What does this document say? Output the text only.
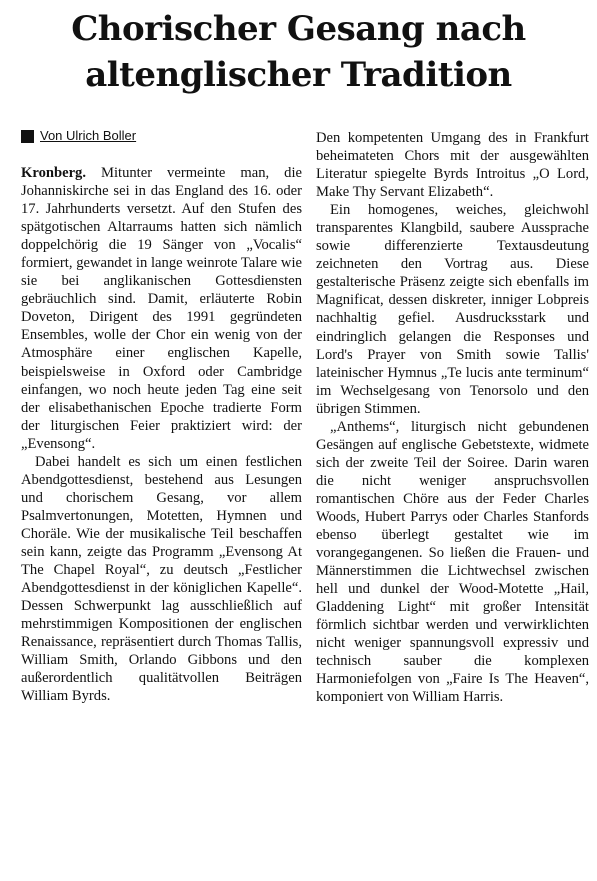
Chorischer Gesang nach
altenglischer Tradition
Von Ulrich Boller

Kronberg. Mitunter vermeinte man, die Johanniskirche sei in das England des 16. oder 17. Jahrhunderts versetzt. Auf den Stufen des spätgotischen Altarraums hatten sich nämlich doppelchörig die 19 Sänger von „Vocalis“ formiert, gewandet in lange weinrote Talare wie sie bei anglikanischen Gottesdiensten gebräuchlich sind. Damit, erläuterte Robin Doveton, Dirigent des 1991 gegründeten Ensembles, wolle der Chor ein wenig von der Atmosphäre einer englischen Kapelle, beispielsweise in Oxford oder Cambridge einfangen, wo noch heute jeden Tag eine seit der elisabethanischen Epoche tradierte Form der liturgischen Feier praktiziert wird: der „Evensong“.

Dabei handelt es sich um einen festlichen Abendgottesdienst, bestehend aus Lesungen und chorischem Gesang, vor allem Psalmvertonungen, Motetten, Hymnen und Choräle. Wie der musikalische Teil beschaffen sein kann, zeigte das Programm „Evensong At The Chapel Royal“, zu deutsch „Festlicher Abendgottesdienst in der königlichen Kapelle“. Dessen Schwerpunkt lag ausschließlich auf mehrstimmigen Kompositionen der englischen Renaissance, repräsentiert durch Thomas Tallis, William Smith, Orlando Gibbons und den außerordentlich qualitätvollen Beiträgen William Byrds.

Den kompetenten Umgang des in Frankfurt beheimateten Chors mit der ausgewählten Literatur spiegelte Byrds Introitus „O Lord, Make Thy Servant Elizabeth“.

Ein homogenes, weiches, gleichwohl transparentes Klangbild, saubere Aussprache sowie differenzierte Textausdeutung zeichneten den Vortrag aus. Diese gestalterische Präsenz zeigte sich ebenfalls im Magnificat, dessen diskreter, inniger Lobpreis nachhaltig gefiel. Ausdrucksstark und eindringlich gelangen die Responses und Lord's Prayer von Smith sowie Tallis' lateinischer Hymnus „Te lucis ante terminum“ im Wechselgesang von Tenorsolo und den übrigen Stimmen.

„Anthems“, liturgisch nicht gebundenen Gesängen auf englische Gebetstexte, widmete sich der zweite Teil der Soiree. Darin waren die nicht weniger anspruchsvollen romantischen Chöre aus der Feder Charles Woods, Hubert Parrys oder Charles Stanfords ebenso überlegt gestaltet wie im vorangegangenen. So ließen die Frauen- und Männerstimmen die Lichtwechsel zwischen hell und dunkel der Wood-Motette „Hail, Gladdening Light“ mit großer Intensität förmlich sichtbar werden und verwirklichten nicht weniger spannungsvoll expressiv und technisch sauber die komplexen Harmoniefolgen von „Faire Is The Heaven“, komponiert von William Harris.
